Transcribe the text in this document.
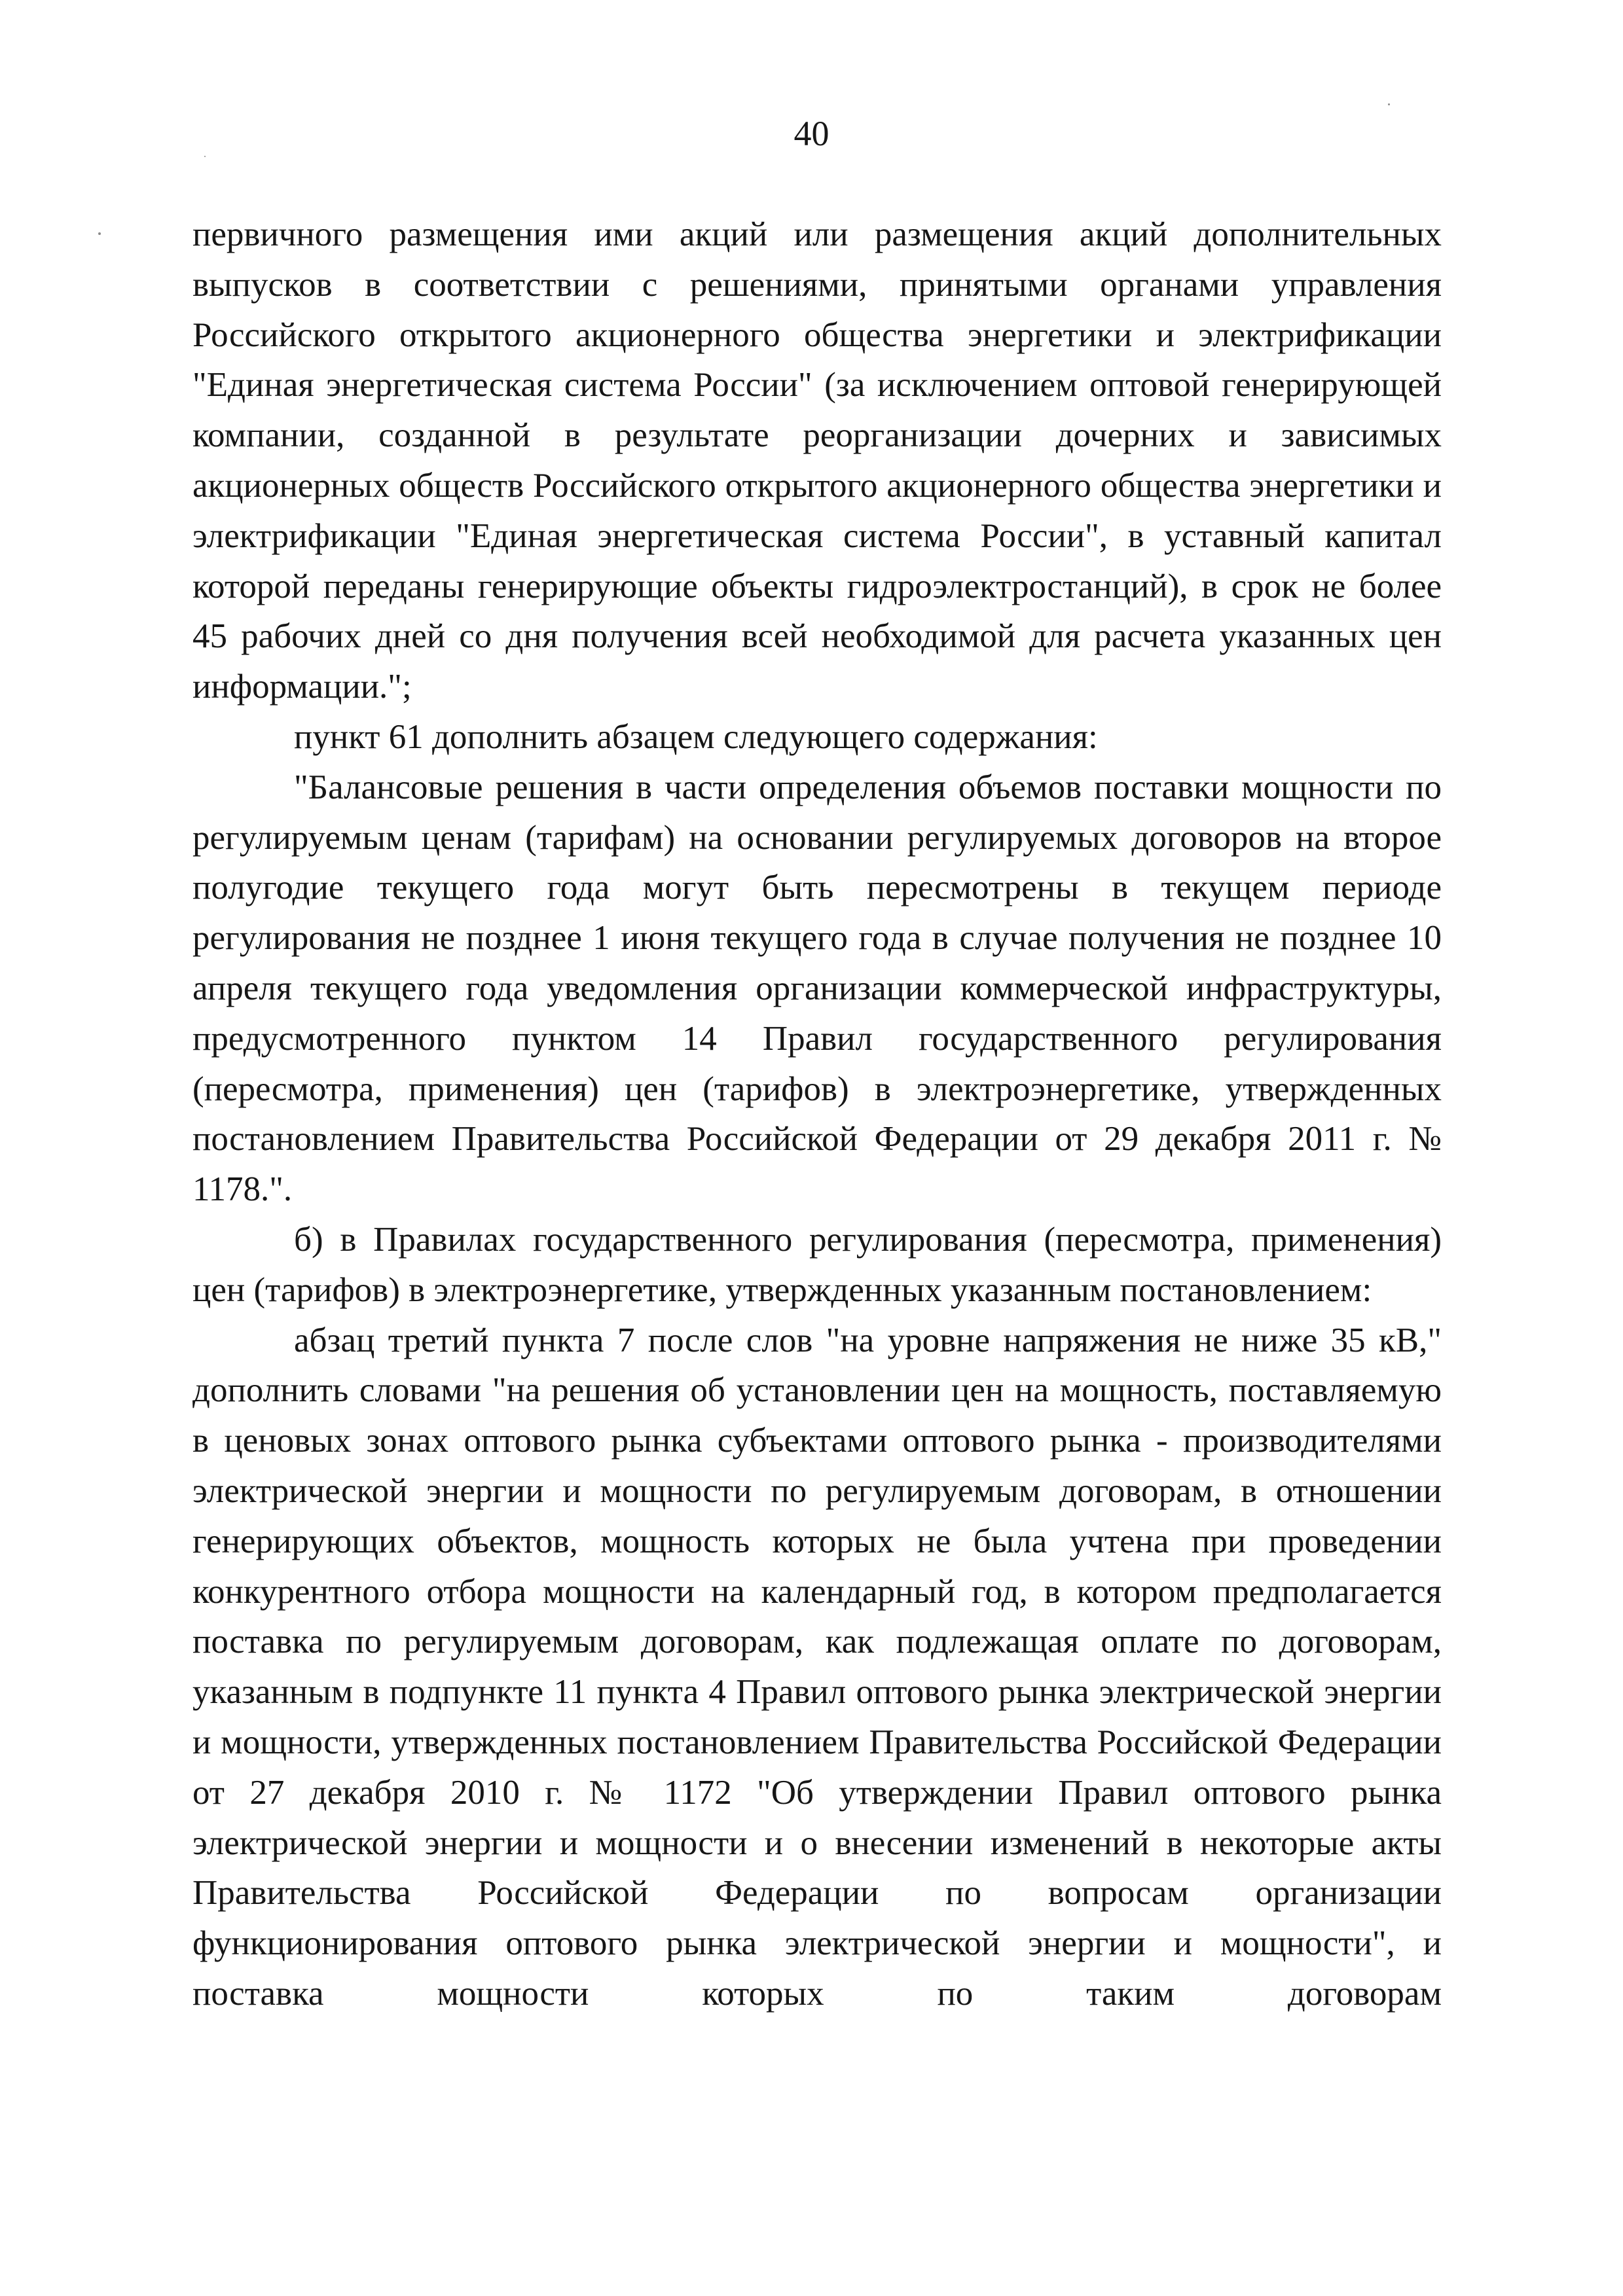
40

первичного размещения ими акций или размещения акций дополнительных выпусков в соответствии с решениями, принятыми органами управления Российского открытого акционерного общества энергетики и электрификации "Единая энергетическая система России" (за исключением оптовой генерирующей компании, созданной в результате реорганизации дочерних и зависимых акционерных обществ Российского открытого акционерного общества энергетики и электрификации "Единая энергетическая система России", в уставный капитал которой переданы генерирующие объекты гидроэлектростанций), в срок не более 45 рабочих дней со дня получения всей необходимой для расчета указанных цен информации.";

пункт 61 дополнить абзацем следующего содержания:

"Балансовые решения в части определения объемов поставки мощности по регулируемым ценам (тарифам) на основании регулируемых договоров на второе полугодие текущего года могут быть пересмотрены в текущем периоде регулирования не позднее 1 июня текущего года в случае получения не позднее 10 апреля текущего года уведомления организации коммерческой инфраструктуры, предусмотренного пунктом 14 Правил государственного регулирования (пересмотра, применения) цен (тарифов) в электроэнергетике, утвержденных постановлением Правительства Российской Федерации от 29 декабря 2011 г. № 1178.".

б) в Правилах государственного регулирования (пересмотра, применения) цен (тарифов) в электроэнергетике, утвержденных указанным постановлением:

абзац третий пункта 7 после слов "на уровне напряжения не ниже 35 кВ," дополнить словами "на решения об установлении цен на мощность, поставляемую в ценовых зонах оптового рынка субъектами оптового рынка - производителями электрической энергии и мощности по регулируемым договорам, в отношении генерирующих объектов, мощность которых не была учтена при проведении конкурентного отбора мощности на календарный год, в котором предполагается поставка по регулируемым договорам, как подлежащая оплате по договорам, указанным в подпункте 11 пункта 4 Правил оптового рынка электрической энергии и мощности, утвержденных постановлением Правительства Российской Федерации от 27 декабря 2010 г. № 1172 "Об утверждении Правил оптового рынка электрической энергии и мощности и о внесении изменений в некоторые акты Правительства Российской Федерации по вопросам организации функционирования оптового рынка электрической энергии и мощности", и поставка мощности которых по таким договорам
